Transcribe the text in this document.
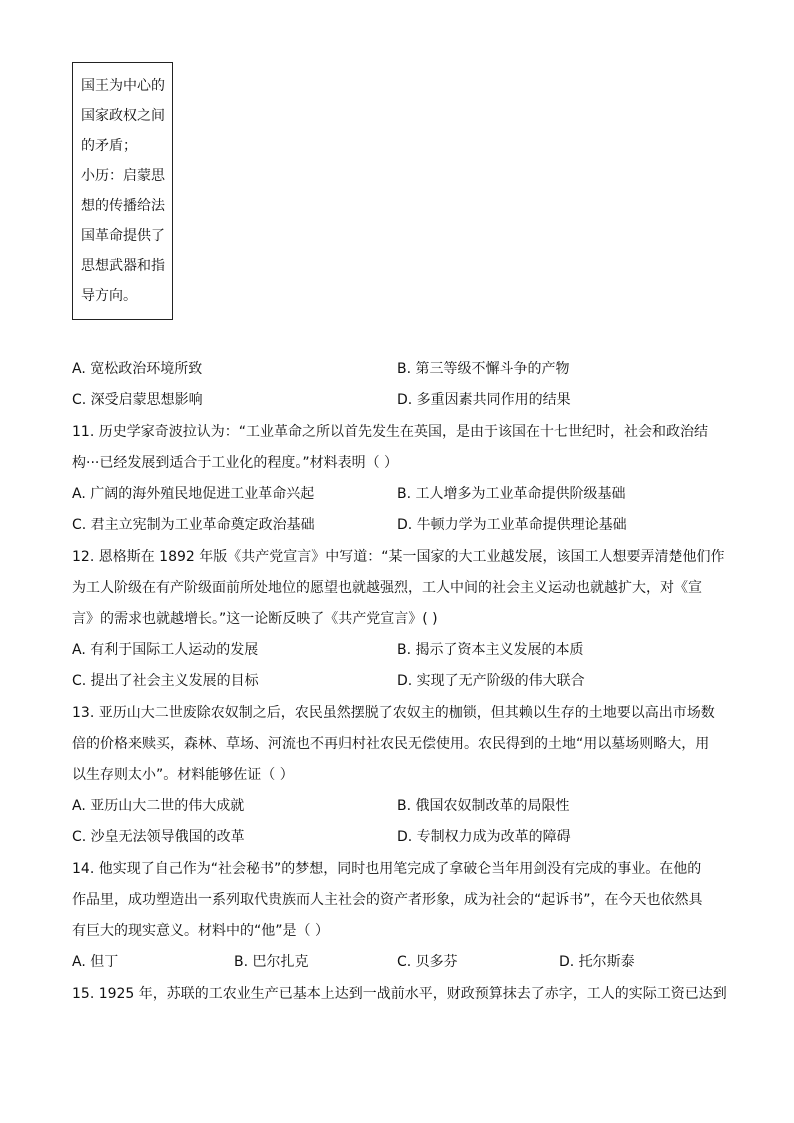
国王为中心的
国家政权之间
的矛盾；
小历：启蒙思
想的传播给法
国革命提供了
思想武器和指
导方向。
A. 宽松政治环境所致	B. 第三等级不懈斗争的产物
C. 深受启蒙思想影响	D. 多重因素共同作用的结果
11. 历史学家奇波拉认为：“工业革命之所以首先发生在英国，是由于该国在十七世纪时，社会和政治结
构···已经发展到适合于工业化的程度。”材料表明（ ）
A. 广阔的海外殖民地促进工业革命兴起	B. 工人增多为工业革命提供阶级基础
C. 君主立宪制为工业革命奠定政治基础	D. 牛顿力学为工业革命提供理论基础
12. 恩格斯在 1892 年版《共产党宣言》中写道：“某一国家的大工业越发展，该国工人想要弄清楚他们作
为工人阶级在有产阶级面前所处地位的愿望也就越强烈，工人中间的社会主义运动也就越扩大，对《宣
言》的需求也就越增长。”这一论断反映了《共产党宣言》( )
A. 有利于国际工人运动的发展	B. 揭示了资本主义发展的本质
C. 提出了社会主义发展的目标	D. 实现了无产阶级的伟大联合
13. 亚历山大二世废除农奴制之后，农民虽然摆脱了农奴主的枷锁，但其赖以生存的土地要以高出市场数
倍的价格来赎买，森林、草场、河流也不再归村社农民无偿使用。农民得到的土地“用以墓场则略大，用
以生存则太小”。材料能够佐证（ ）
A. 亚历山大二世的伟大成就	B. 俄国农奴制改革的局限性
C. 沙皇无法领导俄国的改革	D. 专制权力成为改革的障碍
14. 他实现了自己作为“社会秘书”的梦想，同时也用笔完成了拿破仑当年用剑没有完成的事业。在他的
作品里，成功塑造出一系列取代贵族而人主社会的资产者形象，成为社会的“起诉书”，在今天也依然具
有巨大的现实意义。材料中的“他”是（ ）
A. 但丁	B. 巴尔扎克	C. 贝多芬	D. 托尔斯泰
15. 1925 年，苏联的工农业生产已基本上达到一战前水平，财政预算抹去了赤字，工人的实际工资已达到
